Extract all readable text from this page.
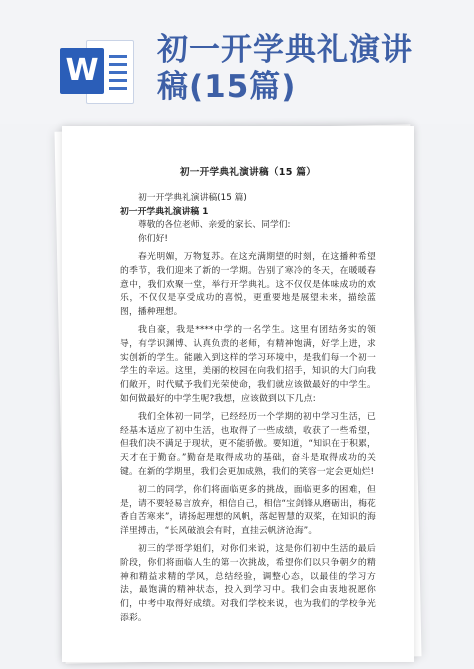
W
初一开学典礼演讲
稿(15篇)

初一开学典礼演讲稿（15 篇）

初一开学典礼演讲稿(15 篇)

初一开学典礼演讲稿 1

尊敬的各位老师、亲爱的家长、同学们:

你们好!

春光明媚，万物复苏。在这充满期望的时刻，在这播种希望的季节，我们迎来了新的一学期。告别了寒冷的冬天，在暖暖春意中，我们欢聚一堂，举行开学典礼。这不仅仅是体味成功的欢乐，不仅仅是享受成功的喜悦，更重要地是展望未来，描绘蓝图，播种理想。

我自豪，我是****中学的一名学生。这里有团结务实的领导，有学识渊博、认真负责的老师，有精神饱满，好学上进，求实创新的学生。能融入到这样的学习环境中，是我们每一个初一学生的幸运。这里，美丽的校园在向我们招手，知识的大门向我们敞开，时代赋予我们光荣使命，我们就应该做最好的中学生。如何做最好的中学生呢?我想，应该做到以下几点:

我们全体初一同学，已经经历一个学期的初中学习生活，已经基本适应了初中生活，也取得了一些成绩，收获了一些希望，但我们决不满足于现状，更不能骄傲。要知道，“知识在于积累，天才在于勤奋。”勤奋是取得成功的基础，奋斗是取得成功的关键。在新的学期里，我们会更加成熟，我们的笑容一定会更灿烂!

初二的同学，你们将面临更多的挑战，面临更多的困难，但是，请不要轻易言放弃，相信自己，相信“宝剑锋从磨砺出，梅花香自苦寒来”，请扬起理想的风帆，落起智慧的双桨，在知识的海洋里搏击，“长风破浪会有时，直挂云帆济沧海”。

初三的学哥学姐们，对你们来说，这是你们初中生活的最后阶段，你们将面临人生的第一次挑战，希望你们以只争朝夕的精神和精益求精的学风，总结经验，调整心态，以最佳的学习方法，最饱满的精神状态，投入到学习中。我们会由衷地祝愿你们，中考中取得好成绩。对我们学校来说，也为我们的学校争光添彩。
